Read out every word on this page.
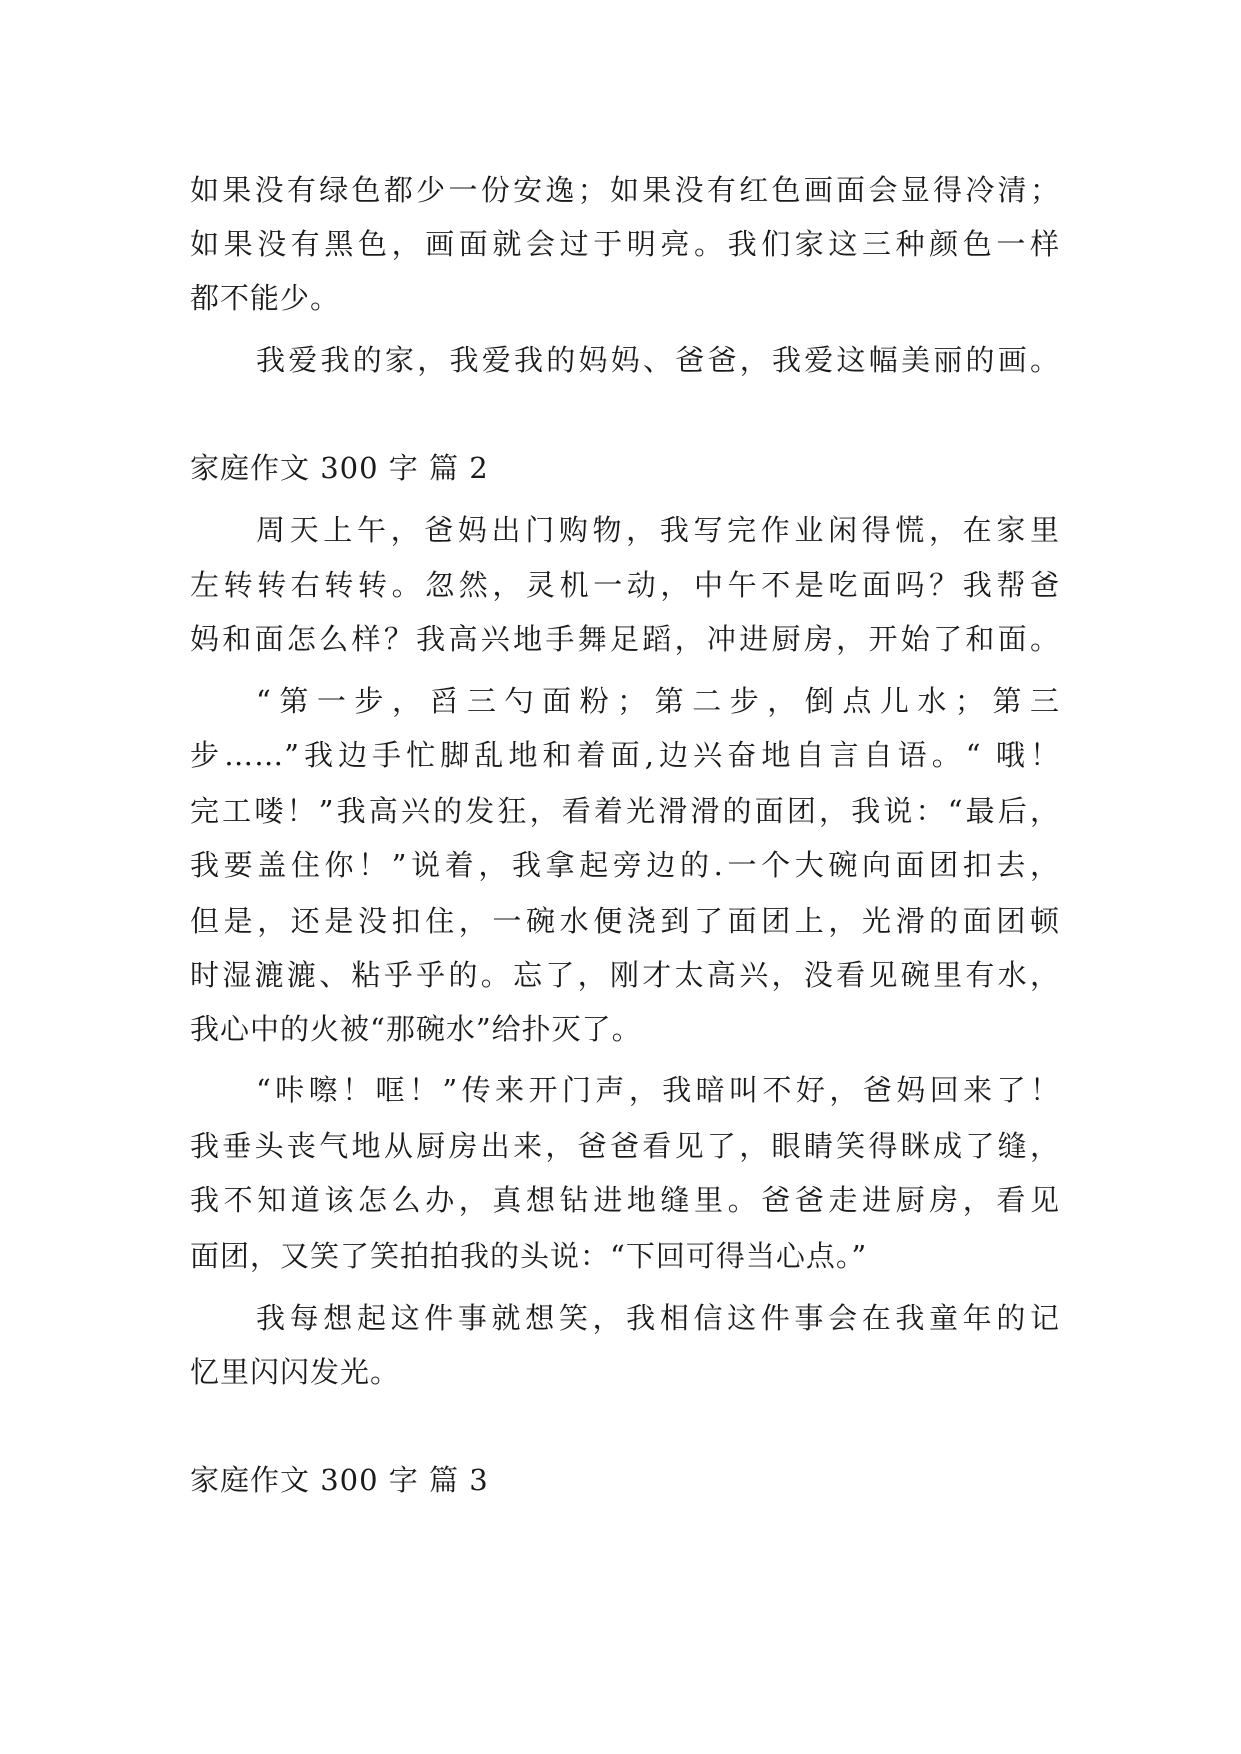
如果没有绿色都少一份安逸；如果没有红色画面会显得冷清；
如果没有黑色，画面就会过于明亮。我们家这三种颜色一样
都不能少。
我爱我的家，我爱我的妈妈、爸爸，我爱这幅美丽的画。
家庭作文 300 字 篇 2
周天上午，爸妈出门购物，我写完作业闲得慌，在家里
左转转右转转。忽然，灵机一动，中午不是吃面吗？我帮爸
妈和面怎么样？我高兴地手舞足蹈，冲进厨房，开始了和面。
“第一步，舀三勺面粉；第二步，倒点儿水；第三
步……”我边手忙脚乱地和着面,边兴奋地自言自语。“ 哦！
完工喽！”我高兴的发狂，看着光滑滑的面团，我说：“最后，
我要盖住你！”说着，我拿起旁边的.一个大碗向面团扣去，
但是，还是没扣住，一碗水便浇到了面团上，光滑的面团顿
时湿漉漉、粘乎乎的。忘了，刚才太高兴，没看见碗里有水，
我心中的火被“那碗水”给扑灭了。
“咔嚓！哐！”传来开门声，我暗叫不好，爸妈回来了！
我垂头丧气地从厨房出来，爸爸看见了，眼睛笑得眯成了缝，
我不知道该怎么办，真想钻进地缝里。爸爸走进厨房，看见
面团，又笑了笑拍拍我的头说：“下回可得当心点。”
我每想起这件事就想笑，我相信这件事会在我童年的记
忆里闪闪发光。
家庭作文 300 字 篇 3
